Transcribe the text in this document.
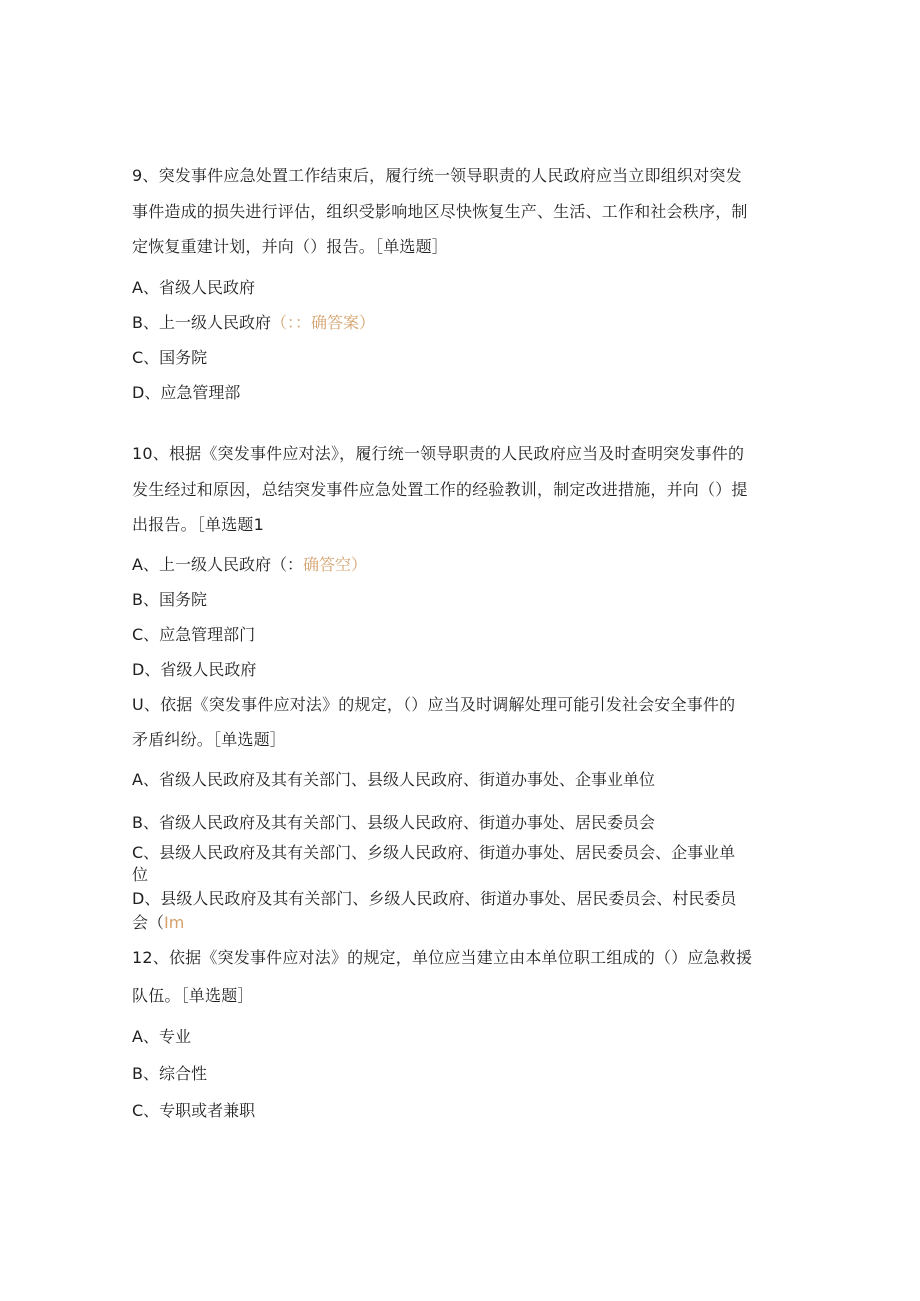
9、突发事件应急处置工作结束后，履行统一领导职责的人民政府应当立即组织对突发
事件造成的损失进行评估，组织受影响地区尽快恢复生产、生活、工作和社会秩序，制
定恢复重建计划，并向（）报告。［单选题］
A、省级人民政府
B、上一级人民政府（：：确答案）
C、国务院
D、应急管理部
10、根据《突发事件应对法》，履行统一领导职责的人民政府应当及时查明突发事件的
发生经过和原因，总结突发事件应急处置工作的经验教训，制定改进措施，并向（）提
出报告。［单选题1
A、上一级人民政府（：确答空）
B、国务院
C、应急管理部门
D、省级人民政府
U、依据《突发事件应对法》的规定，（）应当及时调解处理可能引发社会安全事件的
矛盾纠纷。［单选题］
A、省级人民政府及其有关部门、县级人民政府、街道办事处、企事业单位
B、省级人民政府及其有关部门、县级人民政府、街道办事处、居民委员会
C、县级人民政府及其有关部门、乡级人民政府、街道办事处、居民委员会、企事业单
位
D、县级人民政府及其有关部门、乡级人民政府、街道办事处、居民委员会、村民委员
会（Im
12、依据《突发事件应对法》的规定，单位应当建立由本单位职工组成的（）应急救援
队伍。［单选题］
A、专业
B、综合性
C、专职或者兼职
